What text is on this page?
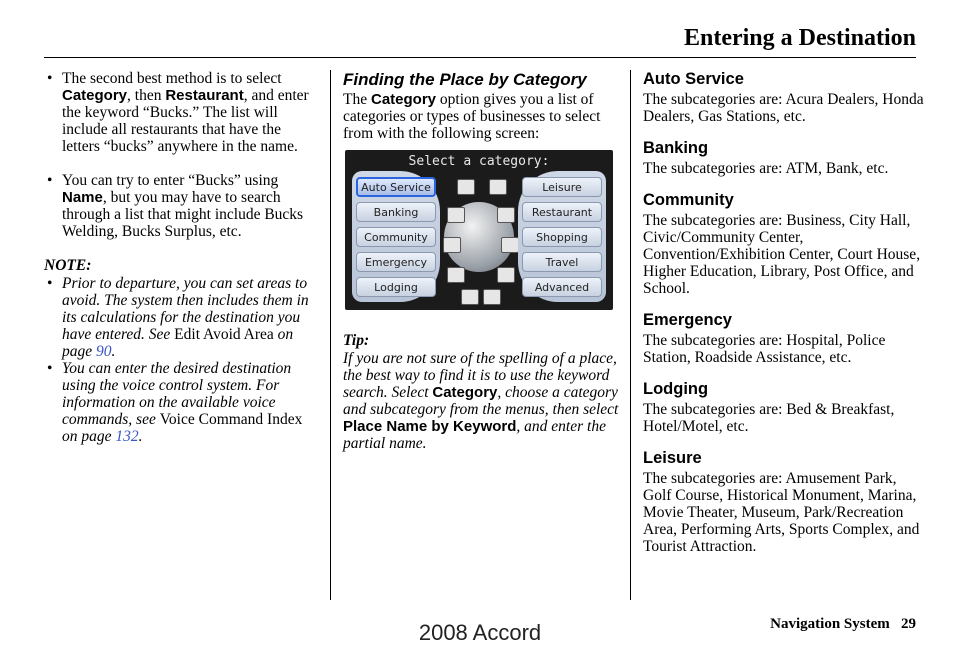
Entering a Destination

• The second best method is to select Category, then Restaurant, and enter the keyword “Bucks.” The list will include all restaurants that have the letters “bucks” anywhere in the name.

• You can try to enter “Bucks” using Name, but you may have to search through a list that might include Bucks Welding, Bucks Surplus, etc.

NOTE:

• Prior to departure, you can set areas to avoid. The system then includes them in its calculations for the destination you have entered. See Edit Avoid Area on page 90.

• You can enter the desired destination using the voice control system. For information on the available voice commands, see Voice Command Index on page 132.

Finding the Place by Category

The Category option gives you a list of categories or types of businesses to select from with the following screen:

Select a category:
Auto Service
Banking
Community
Emergency
Lodging
Leisure
Restaurant
Shopping
Travel
Advanced

Tip:

If you are not sure of the spelling of a place, the best way to find it is to use the keyword search. Select Category, choose a category and subcategory from the menus, then select Place Name by Keyword, and enter the partial name.

Auto Service

The subcategories are: Acura Dealers, Honda Dealers, Gas Stations, etc.

Banking

The subcategories are: ATM, Bank, etc.

Community

The subcategories are: Business, City Hall, Civic/Community Center, Convention/Exhibition Center, Court House, Higher Education, Library, Post Office, and School.

Emergency

The subcategories are: Hospital, Police Station, Roadside Assistance, etc.

Lodging

The subcategories are: Bed & Breakfast, Hotel/Motel, etc.

Leisure

The subcategories are: Amusement Park, Golf Course, Historical Monument, Marina, Movie Theater, Museum, Park/Recreation Area, Performing Arts, Sports Complex, and Tourist Attraction.

Navigation System 29
2008 Accord
